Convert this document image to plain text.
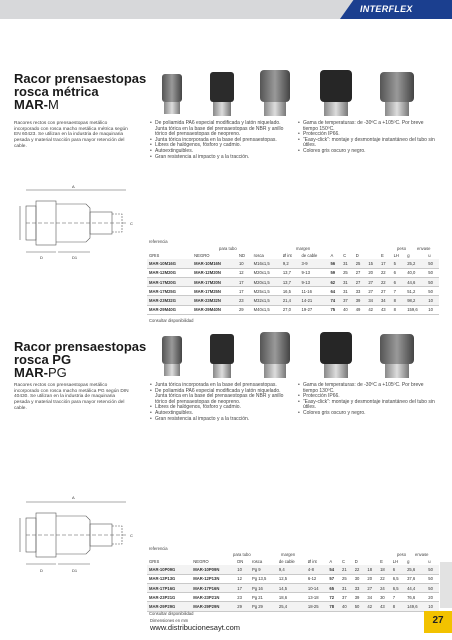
INTERFLEX
Racor prensaestopas
rosca métrica
MAR-M
Racores rectos con prensaestopas metálico incorporado con rosca macho metálica métrica según EN 60423. Se utilizan en la industria de maquinaria pesada y material tracción para mayor retención del cable.
• De poliamida PA6 especial modificada y latón niquelado. Junta tórica en la base del prensaestopas de NBR y anillo tórico del prensaestopas de neopreno.
• Junta tórica incorporada en la base del prensaestopas.
• Libres de halógenos, fósforo y cadmio.
• Autoextinguibles.
• Gran resistencia al impacto y a la tracción.
• Gama de temperaturas: de -30ºC a +105ºC. Por breve tiempo 150ºC.
• Protección IP66.
• “Easy-click”: montaje y desmontaje instantáneo del tubo sin útiles.
• Colores gris oscuro y negro.
A
D	D1
C
referencia
para tubo	margen	peso	envase
GRIS	NEGRO	ND	rosca	Ø int	de cable	A	C	D		E	LH	g	u
MAR-10M16G	MAR-10M16N	10	M16x1,5	9,2	3-9	56	31	25	15	17	5	25,2	50
MAR-12M20G	MAR-12M20N	12	M20x1,5	13,7	9-13	59	25	27	20	22	6	40,0	50
MAR-17M20G	MAR-17M20N	17	M20x1,5	13,7	9-13	62	31	27	27	22	6	44,6	50
MAR-17M25G	MAR-17M25N	17	M25x1,5	16,5	11-16	64	31	33	27	27	7	51,2	50
MAR-23M32G	MAR-23M32N	23	M32x1,5	21,4	14-21	74	37	39	34	34	8	98,2	10
MAR-29M40G	MAR-29M40N	29	M40x1,5	27,0	19-27	75	40	49	42	43	8	159,6	10
Consultar disponibilidad
Racor prensaestopas
rosca PG
MAR-PG
Racores rectos con prensaestopas metálico incorporado con rosca macho metálica PG según DIN 40430. Se utilizan en la industria de maquinaria pesada y material tracción para mayor retención del cable.
• Junta tórica incorporada en la base del prensaestopas.
• De poliamida PA6 especial modificada y latón niquelado. Junta tórica en la base del prensaestopas de NBR y anillo tórico del prensaestopas de neopreno.
• Libres de halógenos, fósforo y cadmio.
• Autoextinguibles.
• Gran resistencia al impacto y a la tracción.
• Gama de temperaturas: de -30ºC a +105ºC. Por breve tiempo 130ºC.
• Protección IP66.
• “Easy-click”: montaje y desmontaje instantáneo del tubo sin útiles.
• Colores gris oscuro y negro.
A
D	D1
C
referencia
para tubo	margen	peso envase
GRIS	NEGRO	DN	rosca	de cable	Ø int	A	C	D		E	LH	g	u
MAR-10P09G	MAR-10P09N	10	Pg 9	9,4	4-8	54	21	22	18	18	6	25,6	50
MAR-12P13G	MAR-12P13N	12	Pg 13,5	12,5	6-12	57	25	30	20	22	6,5	37,6	50
MAR-17P16G	MAR-17P16N	17	Pg 16	14,5	10-14	65	31	33	27	24	6,5	44,4	50
MAR-23P21G	MAR-23P21N	23	Pg 21	18,6	13-18	72	37	39	34	30	7	76,6	20
MAR-29P29G	MAR-29P29N	29	Pg 29	25,4	18-25	78	40	50	42	43	8	149,6	10
Consultar disponibilidad
Dimensiones en mm
www.distribucionesayt.com
27
